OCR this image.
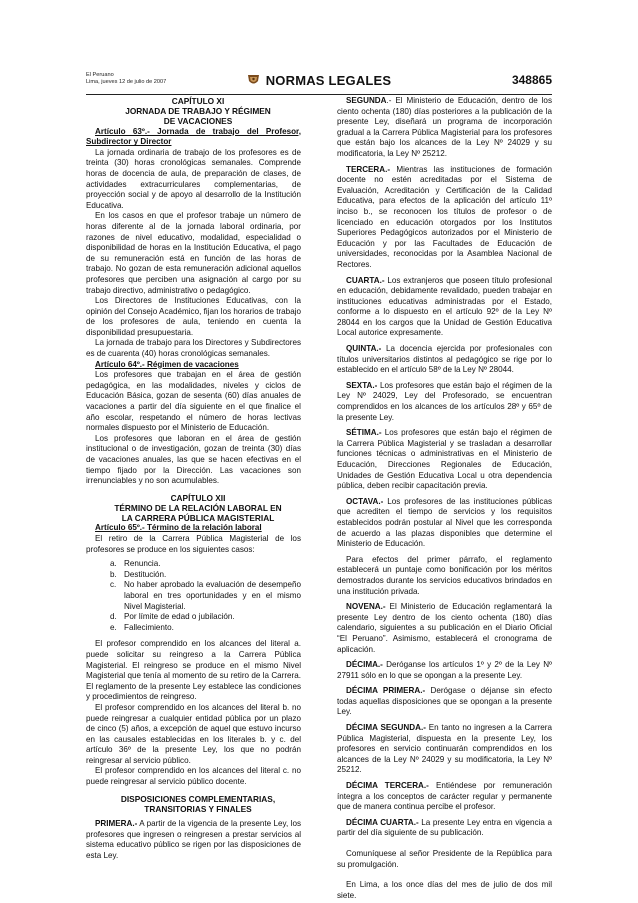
El Peruano
Lima, jueves 12 de julio de 2007	NORMAS LEGALES	348865

CAPÍTULO XI

JORNADA DE TRABAJO Y RÉGIMEN

DE VACACIONES

Artículo 63º.- Jornada de trabajo del Profesor, Subdirector y Director

La jornada ordinaria de trabajo de los profesores es de treinta (30) horas cronológicas semanales. Comprende horas de docencia de aula, de preparación de clases, de actividades extracurriculares complementarias, de proyección social y de apoyo al desarrollo de la Institución Educativa.

En los casos en que el profesor trabaje un número de horas diferente al de la jornada laboral ordinaria, por razones de nivel educativo, modalidad, especialidad o disponibilidad de horas en la Institución Educativa, el pago de su remuneración está en función de las horas de trabajo. No gozan de esta remuneración adicional aquellos profesores que perciben una asignación al cargo por su trabajo directivo, administrativo o pedagógico.

Los Directores de Instituciones Educativas, con la opinión del Consejo Académico, fijan los horarios de trabajo de los profesores de aula, teniendo en cuenta la disponibilidad presupuestaria.

La jornada de trabajo para los Directores y Subdirectores es de cuarenta (40) horas cronológicas semanales.

Artículo 64º.- Régimen de vacaciones

Los profesores que trabajan en el área de gestión pedagógica, en las modalidades, niveles y ciclos de Educación Básica, gozan de sesenta (60) días anuales de vacaciones a partir del día siguiente en el que finalice el año escolar, respetando el número de horas lectivas normales dispuesto por el Ministerio de Educación.

Los profesores que laboran en el área de gestión institucional o de investigación, gozan de treinta (30) días de vacaciones anuales, las que se hacen efectivas en el tiempo fijado por la Dirección. Las vacaciones son irrenunciables y no son acumulables.

CAPÍTULO XII

TÉRMINO DE LA RELACIÓN LABORAL EN

LA CARRERA PÚBLICA MAGISTERIAL

Artículo 65º.- Término de la relación laboral

El retiro de la Carrera Pública Magisterial de los profesores se produce en los siguientes casos:

a. Renuncia.
b. Destitución.
c. No haber aprobado la evaluación de desempeño laboral en tres oportunidades y en el mismo Nivel Magisterial.
d. Por límite de edad o jubilación.
e. Fallecimiento.

El profesor comprendido en los alcances del literal a. puede solicitar su reingreso a la Carrera Pública Magisterial. El reingreso se produce en el mismo Nivel Magisterial que tenía al momento de su retiro de la Carrera. El reglamento de la presente Ley establece las condiciones y procedimientos de reingreso.

El profesor comprendido en los alcances del literal b. no puede reingresar a cualquier entidad pública por un plazo de cinco (5) años, a excepción de aquel que estuvo incurso en las causales establecidas en los literales b. y c. del artículo 36º de la presente Ley, los que no podrán reingresar al servicio público.

El profesor comprendido en los alcances del literal c. no puede reingresar al servicio público docente.

DISPOSICIONES COMPLEMENTARIAS,

TRANSITORIAS Y FINALES

PRIMERA.- A partir de la vigencia de la presente Ley, los profesores que ingresen o reingresen a prestar servicios al sistema educativo público se rigen por las disposiciones de esta Ley.

SEGUNDA.- El Ministerio de Educación, dentro de los ciento ochenta (180) días posteriores a la publicación de la presente Ley, diseñará un programa de incorporación gradual a la Carrera Pública Magisterial para los profesores que están bajo los alcances de la Ley Nº 24029 y su modificatoria, la Ley Nº 25212.

TERCERA.- Mientras las instituciones de formación docente no estén acreditadas por el Sistema de Evaluación, Acreditación y Certificación de la Calidad Educativa, para efectos de la aplicación del artículo 11º inciso b., se reconocen los títulos de profesor o de licenciado en educación otorgados por los Institutos Superiores Pedagógicos autorizados por el Ministerio de Educación y por las Facultades de Educación de universidades, reconocidas por la Asamblea Nacional de Rectores.

CUARTA.- Los extranjeros que poseen título profesional en educación, debidamente revalidado, pueden trabajar en instituciones educativas administradas por el Estado, conforme a lo dispuesto en el artículo 92º de la Ley Nº 28044 en los cargos que la Unidad de Gestión Educativa Local autorice expresamente.

QUINTA.- La docencia ejercida por profesionales con títulos universitarios distintos al pedagógico se rige por lo establecido en el artículo 58º de la Ley Nº 28044.

SEXTA.- Los profesores que están bajo el régimen de la Ley Nº 24029, Ley del Profesorado, se encuentran comprendidos en los alcances de los artículos 28º y 65º de la presente Ley.

SÉTIMA.- Los profesores que están bajo el régimen de la Carrera Pública Magisterial y se trasladan a desarrollar funciones técnicas o administrativas en el Ministerio de Educación, Direcciones Regionales de Educación, Unidades de Gestión Educativa Local u otra dependencia pública, deben recibir capacitación previa.

OCTAVA.- Los profesores de las instituciones públicas que acrediten el tiempo de servicios y los requisitos establecidos podrán postular al Nivel que les corresponda de acuerdo a las plazas disponibles que determine el Ministerio de Educación.

Para efectos del primer párrafo, el reglamento establecerá un puntaje como bonificación por los méritos demostrados durante los servicios educativos brindados en una institución privada.

NOVENA.- El Ministerio de Educación reglamentará la presente Ley dentro de los ciento ochenta (180) días calendario, siguientes a su publicación en el Diario Oficial “El Peruano”. Asimismo, establecerá el cronograma de aplicación.

DÉCIMA.- Deróganse los artículos 1º y 2º de la Ley Nº 27911 sólo en lo que se opongan a la presente Ley.

DÉCIMA PRIMERA.- Derógase o déjanse sin efecto todas aquellas disposiciones que se opongan a la presente Ley.

DÉCIMA SEGUNDA.- En tanto no ingresen a la Carrera Pública Magisterial, dispuesta en la presente Ley, los profesores en servicio continuarán comprendidos en los alcances de la Ley Nº 24029 y su modificatoria, la Ley Nº 25212.

DÉCIMA TERCERA.- Entiéndese por remuneración íntegra a los conceptos de carácter regular y permanente que de manera continua percibe el profesor.

DÉCIMA CUARTA.- La presente Ley entra en vigencia a partir del día siguiente de su publicación.

Comuníquese al señor Presidente de la República para su promulgación.

En Lima, a los once días del mes de julio de dos mil siete.
